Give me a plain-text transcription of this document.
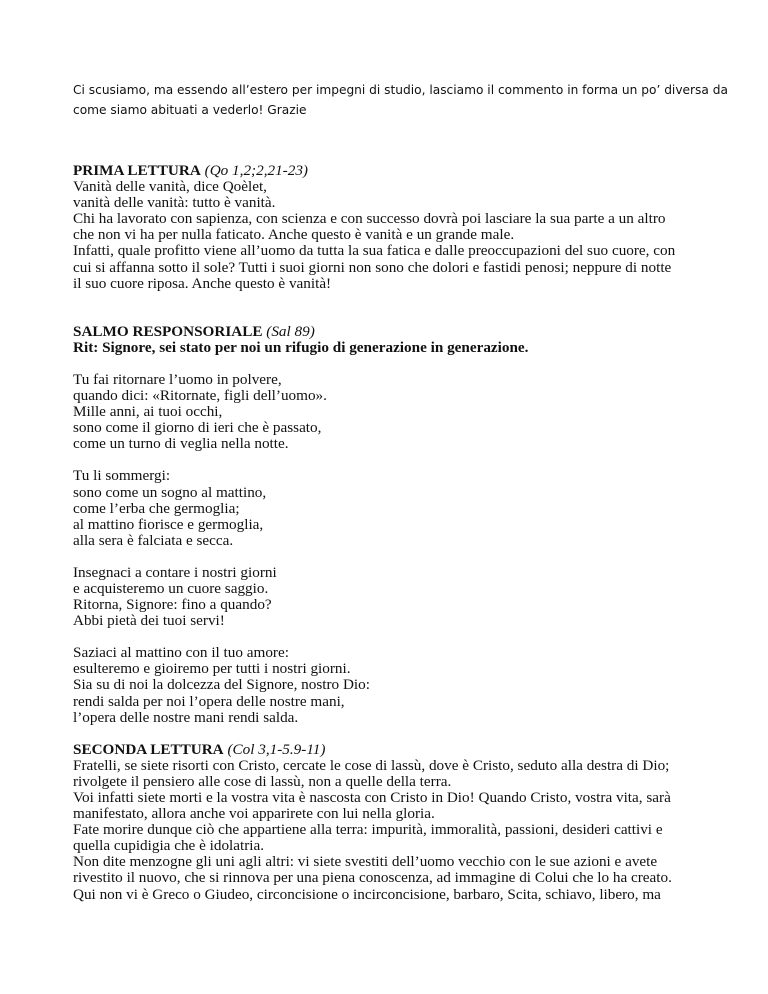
Ci scusiamo, ma essendo all’estero per impegni di studio, lasciamo il commento in forma un po’ diversa da
come siamo abituati a vederlo! Grazie
PRIMA LETTURA (Qo 1,2;2,21-23)
Vanità delle vanità, dice Qoèlet,
vanità delle vanità: tutto è vanità.
Chi ha lavorato con sapienza, con scienza e con successo dovrà poi lasciare la sua parte a un altro
che non vi ha per nulla faticato. Anche questo è vanità e un grande male.
Infatti, quale profitto viene all’uomo da tutta la sua fatica e dalle preoccupazioni del suo cuore, con
cui si affanna sotto il sole? Tutti i suoi giorni non sono che dolori e fastidi penosi; neppure di notte
il suo cuore riposa. Anche questo è vanità!
SALMO RESPONSORIALE (Sal 89)
Rit: Signore, sei stato per noi un rifugio di generazione in generazione.
Tu fai ritornare l’uomo in polvere,
quando dici: «Ritornate, figli dell’uomo».
Mille anni, ai tuoi occhi,
sono come il giorno di ieri che è passato,
come un turno di veglia nella notte.
Tu li sommergi:
sono come un sogno al mattino,
come l’erba che germoglia;
al mattino fiorisce e germoglia,
alla sera è falciata e secca.
Insegnaci a contare i nostri giorni
e acquisteremo un cuore saggio.
Ritorna, Signore: fino a quando?
Abbi pietà dei tuoi servi!
Saziaci al mattino con il tuo amore:
esulteremo e gioiremo per tutti i nostri giorni.
Sia su di noi la dolcezza del Signore, nostro Dio:
rendi salda per noi l’opera delle nostre mani,
l’opera delle nostre mani rendi salda.
SECONDA LETTURA (Col 3,1-5.9-11)
Fratelli, se siete risorti con Cristo, cercate le cose di lassù, dove è Cristo, seduto alla destra di Dio;
rivolgete il pensiero alle cose di lassù, non a quelle della terra.
Voi infatti siete morti e la vostra vita è nascosta con Cristo in Dio! Quando Cristo, vostra vita, sarà
manifestato, allora anche voi apparirete con lui nella gloria.
Fate morire dunque ciò che appartiene alla terra: impurità, immoralità, passioni, desideri cattivi e
quella cupidigia che è idolatria.
Non dite menzogne gli uni agli altri: vi siete svestiti dell’uomo vecchio con le sue azioni e avete
rivestito il nuovo, che si rinnova per una piena conoscenza, ad immagine di Colui che lo ha creato.
Qui non vi è Greco o Giudeo, circoncisione o incirconcisione, barbaro, Scita, schiavo, libero, ma
